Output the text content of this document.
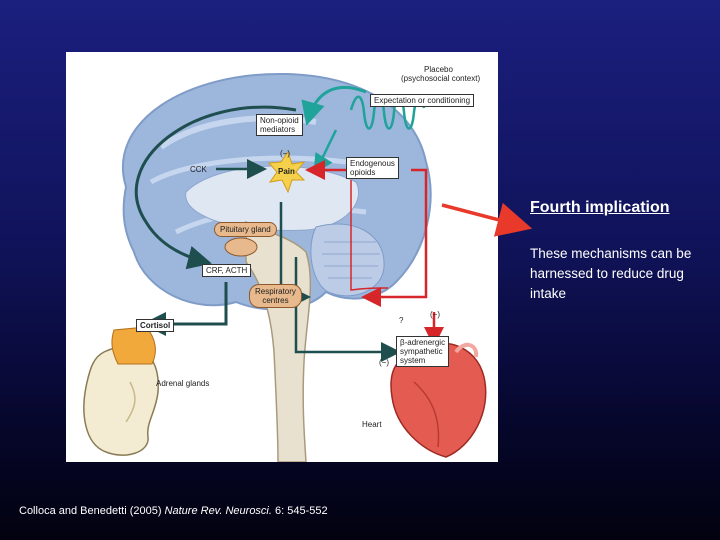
Placebo
(psychosocial context)
Expectation or conditioning
Non-opioid
mediators
Endogenous
opioids
CCK	Pain
(−)
Pituitary gland
CRF, ACTH
Respiratory
centres
Cortisol
Adrenal glands
?
(−)
(−)
β-adrenergic
sympathetic
system
Heart
Fourth implication
These mechanisms can be harnessed to reduce drug intake
Colloca and Benedetti (2005) Nature Rev. Neurosci. 6: 545-552
